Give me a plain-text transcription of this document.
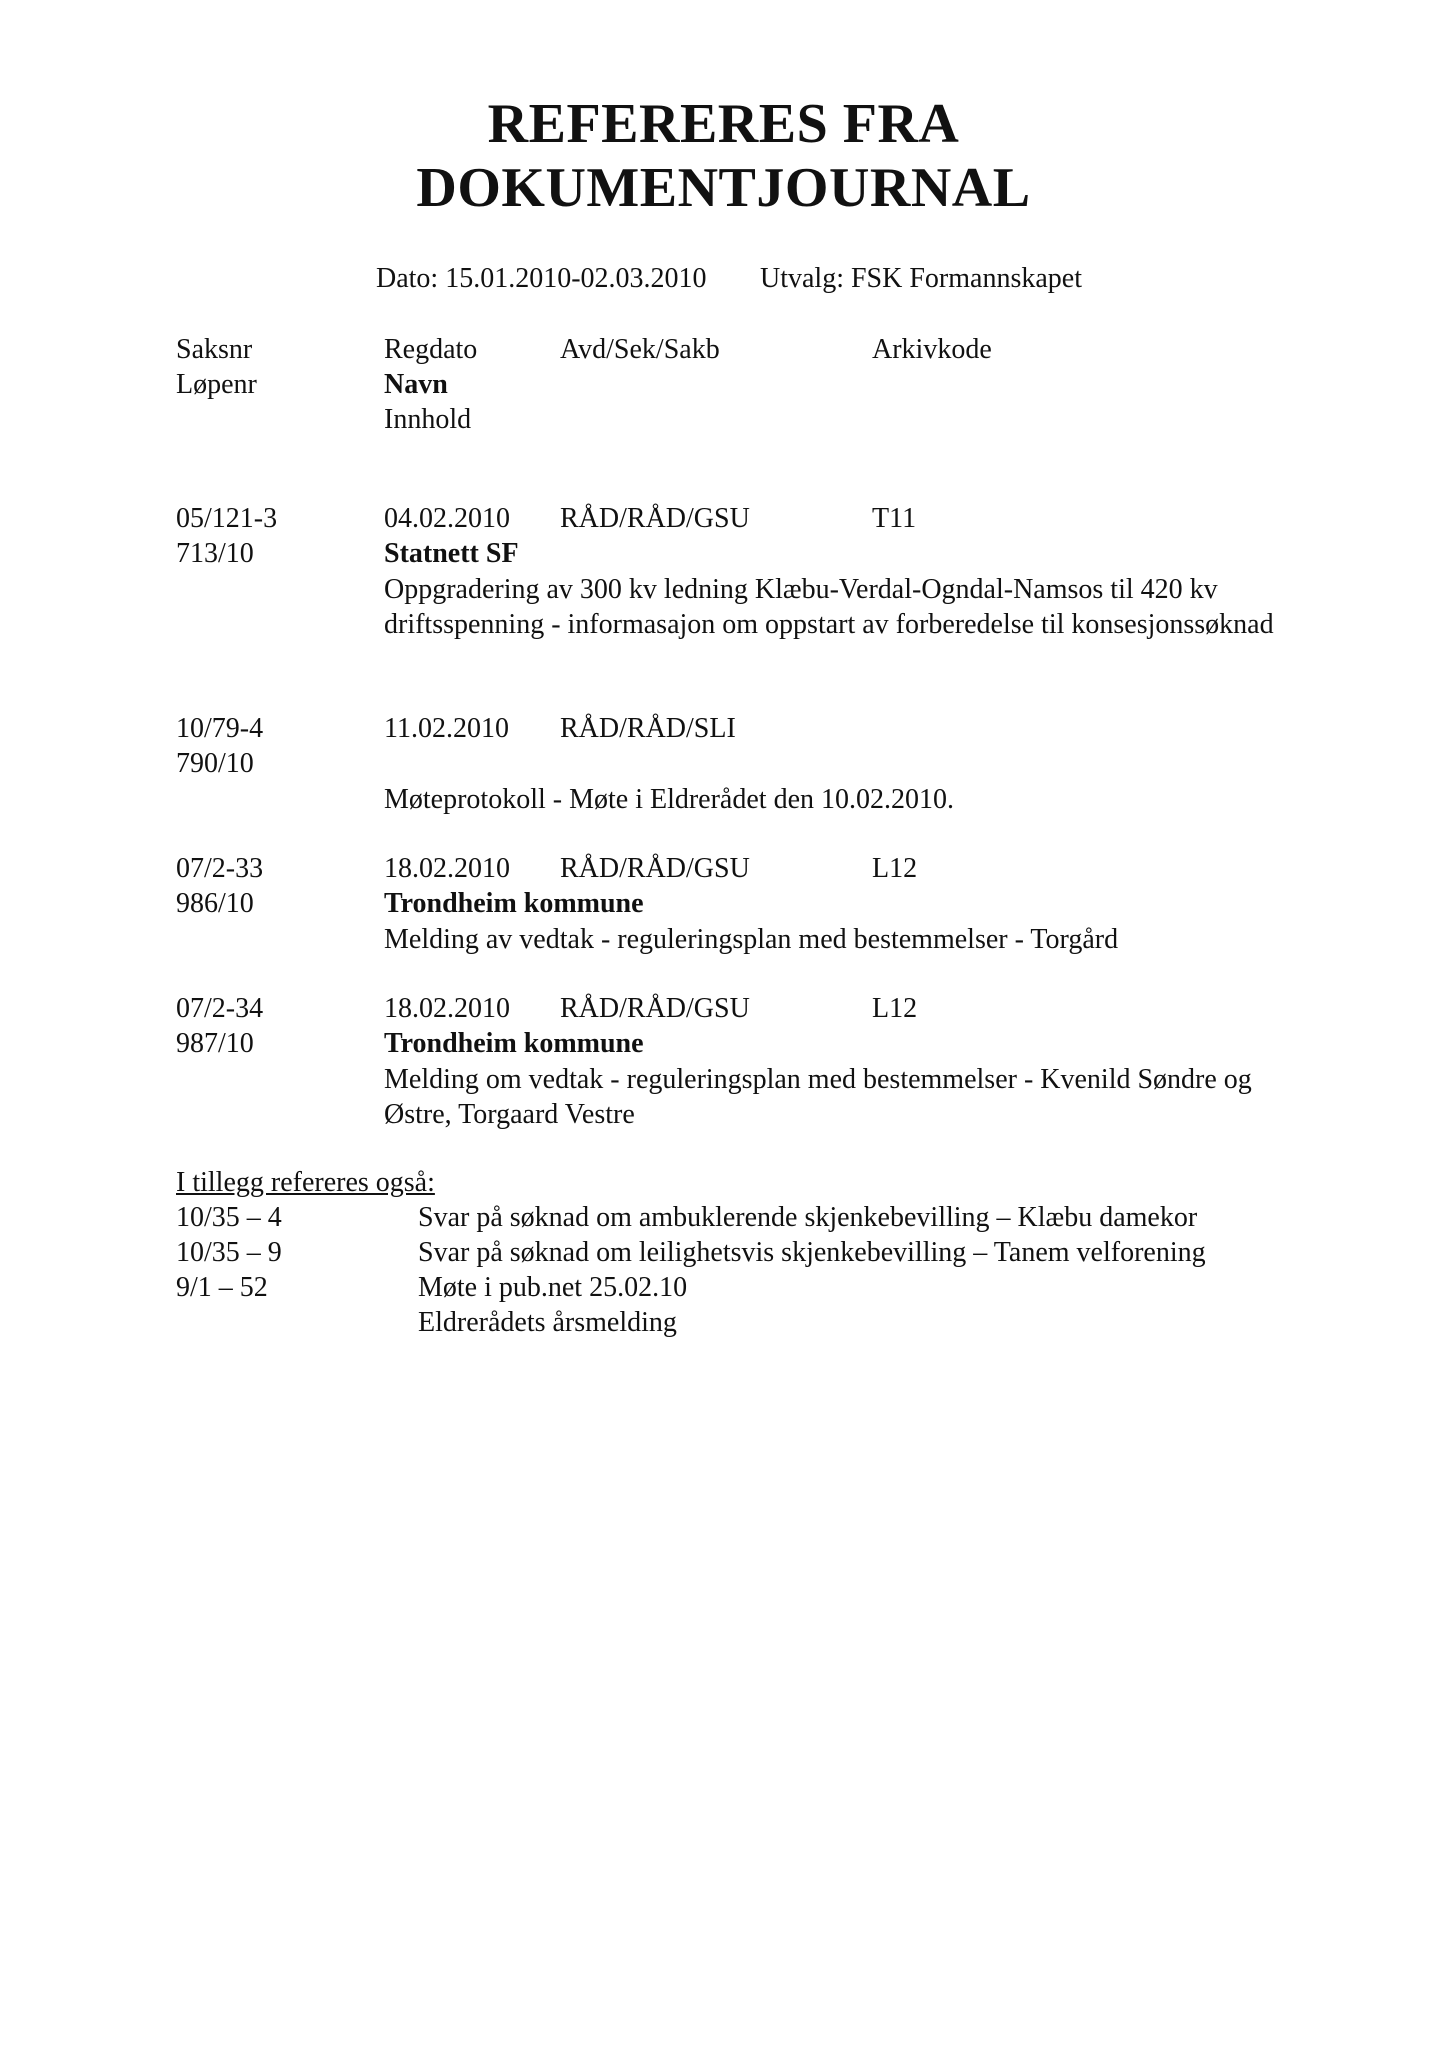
REFERERES FRA
DOKUMENTJOURNAL
Dato: 15.01.2010-02.03.2010 Utvalg: FSK Formannskapet
Saksnr	Regdato	Avd/Sek/Sakb	Arkivkode
Løpenr	Navn
Innhold
05/121-3	04.02.2010 RÅD/RÅD/GSU	T11
713/10	Statnett SF
Oppgradering av 300 kv ledning Klæbu-Verdal-Ogndal-Namsos til 420 kv driftsspenning - informasajon om oppstart av forberedelse til konsesjonssøknad
10/79-4	11.02.2010 RÅD/RÅD/SLI
790/10
Møteprotokoll - Møte i Eldrerådet den 10.02.2010.
07/2-33	18.02.2010 RÅD/RÅD/GSU	L12
986/10	Trondheim kommune
Melding av vedtak - reguleringsplan med bestemmelser - Torgård
07/2-34	18.02.2010 RÅD/RÅD/GSU	L12
987/10	Trondheim kommune
Melding om vedtak - reguleringsplan med bestemmelser - Kvenild Søndre og Østre, Torgaard Vestre
I tillegg refereres også:
10/35 – 4	Svar på søknad om ambuklerende skjenkebevilling – Klæbu damekor
10/35 – 9	Svar på søknad om leilighetsvis skjenkebevilling – Tanem velforening
9/1 – 52	Møte i pub.net 25.02.10
Eldrerådets årsmelding
